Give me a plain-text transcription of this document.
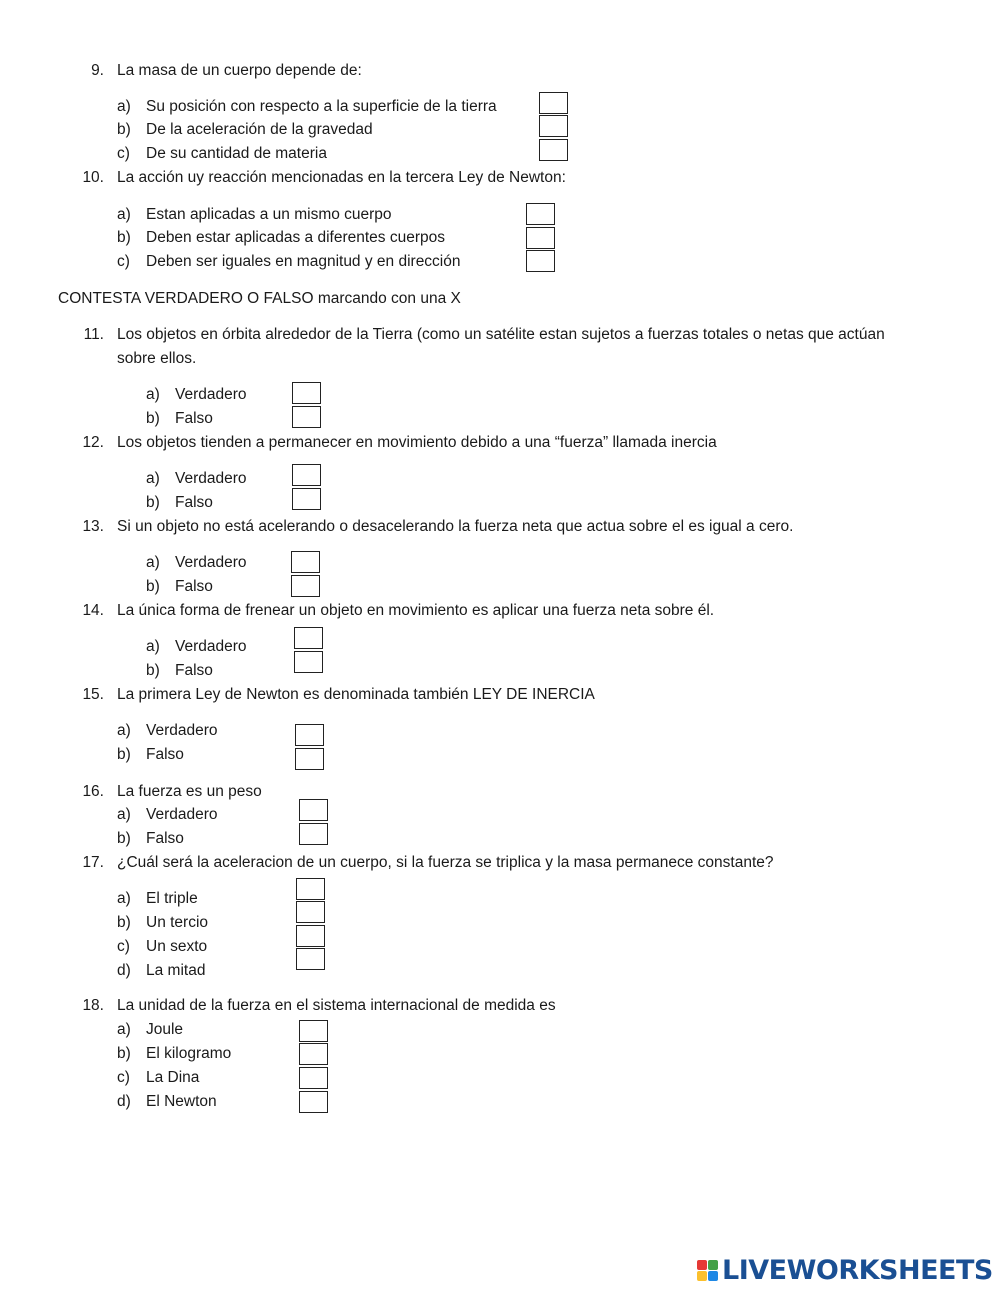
9. La masa de un cuerpo depende de:
a) Su posición con respecto a la superficie de la tierra
b) De la aceleración de la gravedad
c) De su cantidad de materia
10. La acción uy reacción mencionadas en la tercera Ley de Newton:
a) Estan aplicadas a un mismo cuerpo
b) Deben estar aplicadas a diferentes cuerpos
c) Deben ser iguales en magnitud y en dirección
11. Los objetos en órbita alrededor de la Tierra (como un satélite estan sujetos a fuerzas totales o netas que actúan
sobre ellos.
a) Verdadero
b) Falso
12. Los objetos tienden a permanecer en movimiento debido a una “fuerza” llamada inercia
a) Verdadero
b) Falso
13. Si un objeto no está acelerando o desacelerando la fuerza neta que actua sobre el es igual a cero.
a) Verdadero
b) Falso
14. La única forma de frenear un objeto en movimiento es aplicar una fuerza neta sobre él.
a) Verdadero
b) Falso
15. La primera Ley de Newton es denominada también LEY DE INERCIA
a) Verdadero
b) Falso
16. La fuerza es un peso
a) Verdadero
b) Falso
17. ¿Cuál será la aceleracion de un cuerpo, si la fuerza se triplica y la masa permanece constante?
a) El triple
b) Un tercio
c) Un sexto
d) La mitad
18. La unidad de la fuerza en el sistema internacional de medida es
a) Joule
b) El kilogramo
c) La Dina
d) El Newton
CONTESTA VERDADERO O FALSO marcando con una X
LIVEWORKSHEETS
